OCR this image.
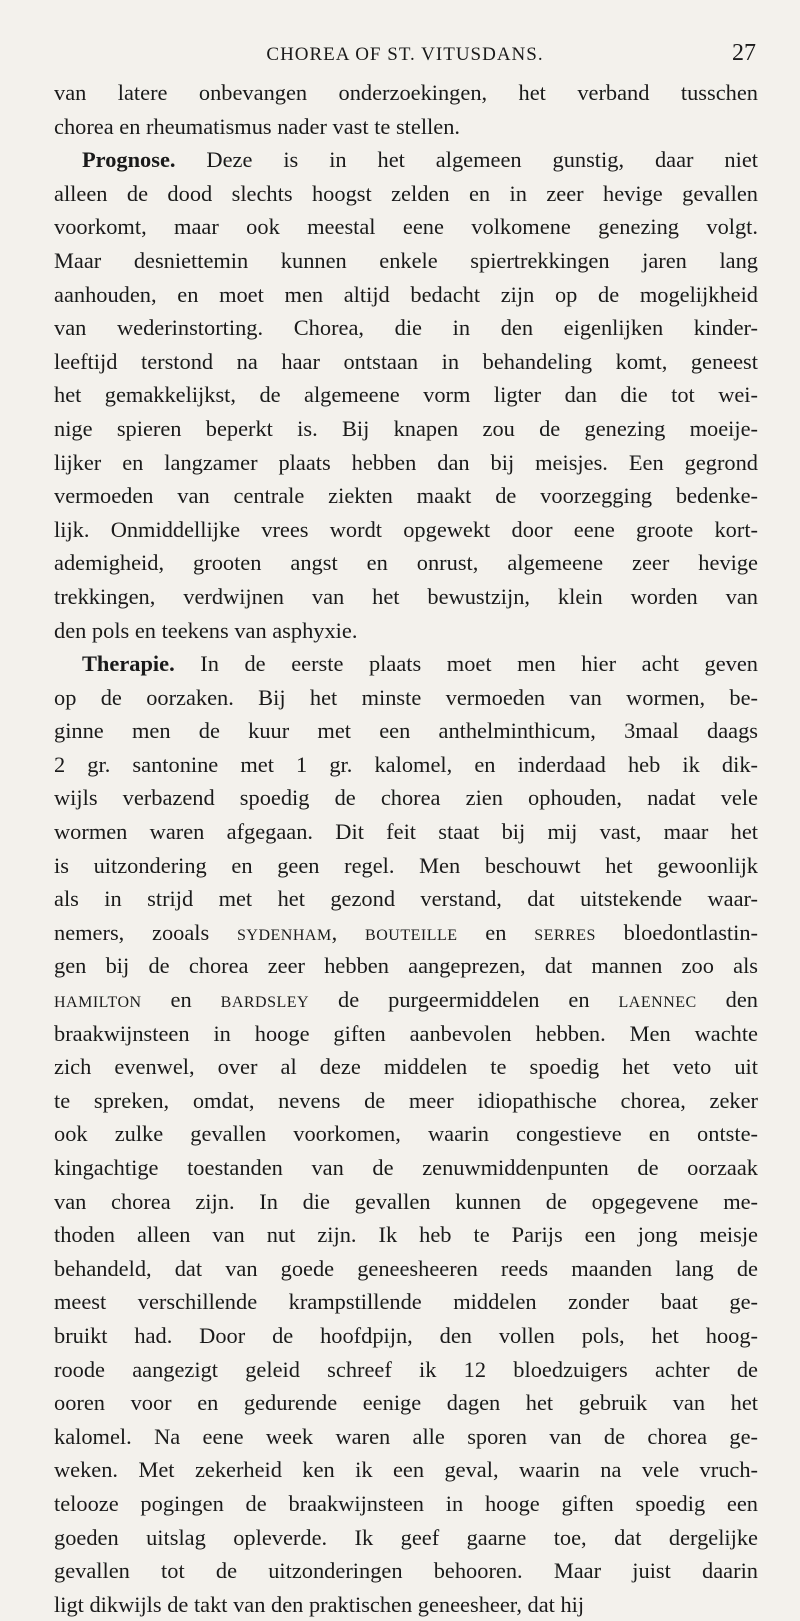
CHOREA OF ST. VITUSDANS.	27
van latere onbevangen onderzoekingen, het verband tusschen
chorea en rheumatismus nader vast te stellen.
Prognose. Deze is in het algemeen gunstig, daar niet
alleen de dood slechts hoogst zelden en in zeer hevige gevallen
voorkomt, maar ook meestal eene volkomene genezing volgt.
Maar desniettemin kunnen enkele spiertrekkingen jaren lang
aanhouden, en moet men altijd bedacht zijn op de mogelijkheid
van wederinstorting. Chorea, die in den eigenlijken kinder-
leeftijd terstond na haar ontstaan in behandeling komt, geneest
het gemakkelijkst, de algemeene vorm ligter dan die tot wei-
nige spieren beperkt is. Bij knapen zou de genezing moeije-
lijker en langzamer plaats hebben dan bij meisjes. Een gegrond
vermoeden van centrale ziekten maakt de voorzegging bedenke-
lijk. Onmiddellijke vrees wordt opgewekt door eene groote kort-
ademigheid, grooten angst en onrust, algemeene zeer hevige
trekkingen, verdwijnen van het bewustzijn, klein worden van
den pols en teekens van asphyxie.
Therapie. In de eerste plaats moet men hier acht geven
op de oorzaken. Bij het minste vermoeden van wormen, be-
ginne men de kuur met een anthelminthicum, 3maal daags
2 gr. santonine met 1 gr. kalomel, en inderdaad heb ik dik-
wijls verbazend spoedig de chorea zien ophouden, nadat vele
wormen waren afgegaan. Dit feit staat bij mij vast, maar het
is uitzondering en geen regel. Men beschouwt het gewoonlijk
als in strijd met het gezond verstand, dat uitstekende waar-
nemers, zooals sydenham, bouteille en serres bloedontlastin-
gen bij de chorea zeer hebben aangeprezen, dat mannen zoo als
hamilton en bardsley de purgeermiddelen en laennec den
braakwijnsteen in hooge giften aanbevolen hebben. Men wachte
zich evenwel, over al deze middelen te spoedig het veto uit
te spreken, omdat, nevens de meer idiopathische chorea, zeker
ook zulke gevallen voorkomen, waarin congestieve en ontste-
kingachtige toestanden van de zenuwmiddenpunten de oorzaak
van chorea zijn. In die gevallen kunnen de opgegevene me-
thoden alleen van nut zijn. Ik heb te Parijs een jong meisje
behandeld, dat van goede geneesheeren reeds maanden lang de
meest verschillende krampstillende middelen zonder baat ge-
bruikt had. Door de hoofdpijn, den vollen pols, het hoog-
roode aangezigt geleid schreef ik 12 bloedzuigers achter de
ooren voor en gedurende eenige dagen het gebruik van het
kalomel. Na eene week waren alle sporen van de chorea ge-
weken. Met zekerheid ken ik een geval, waarin na vele vruch-
telooze pogingen de braakwijnsteen in hooge giften spoedig een
goeden uitslag opleverde. Ik geef gaarne toe, dat dergelijke
gevallen tot de uitzonderingen behooren. Maar juist daarin
ligt dikwijls de takt van den praktischen geneesheer, dat hij
